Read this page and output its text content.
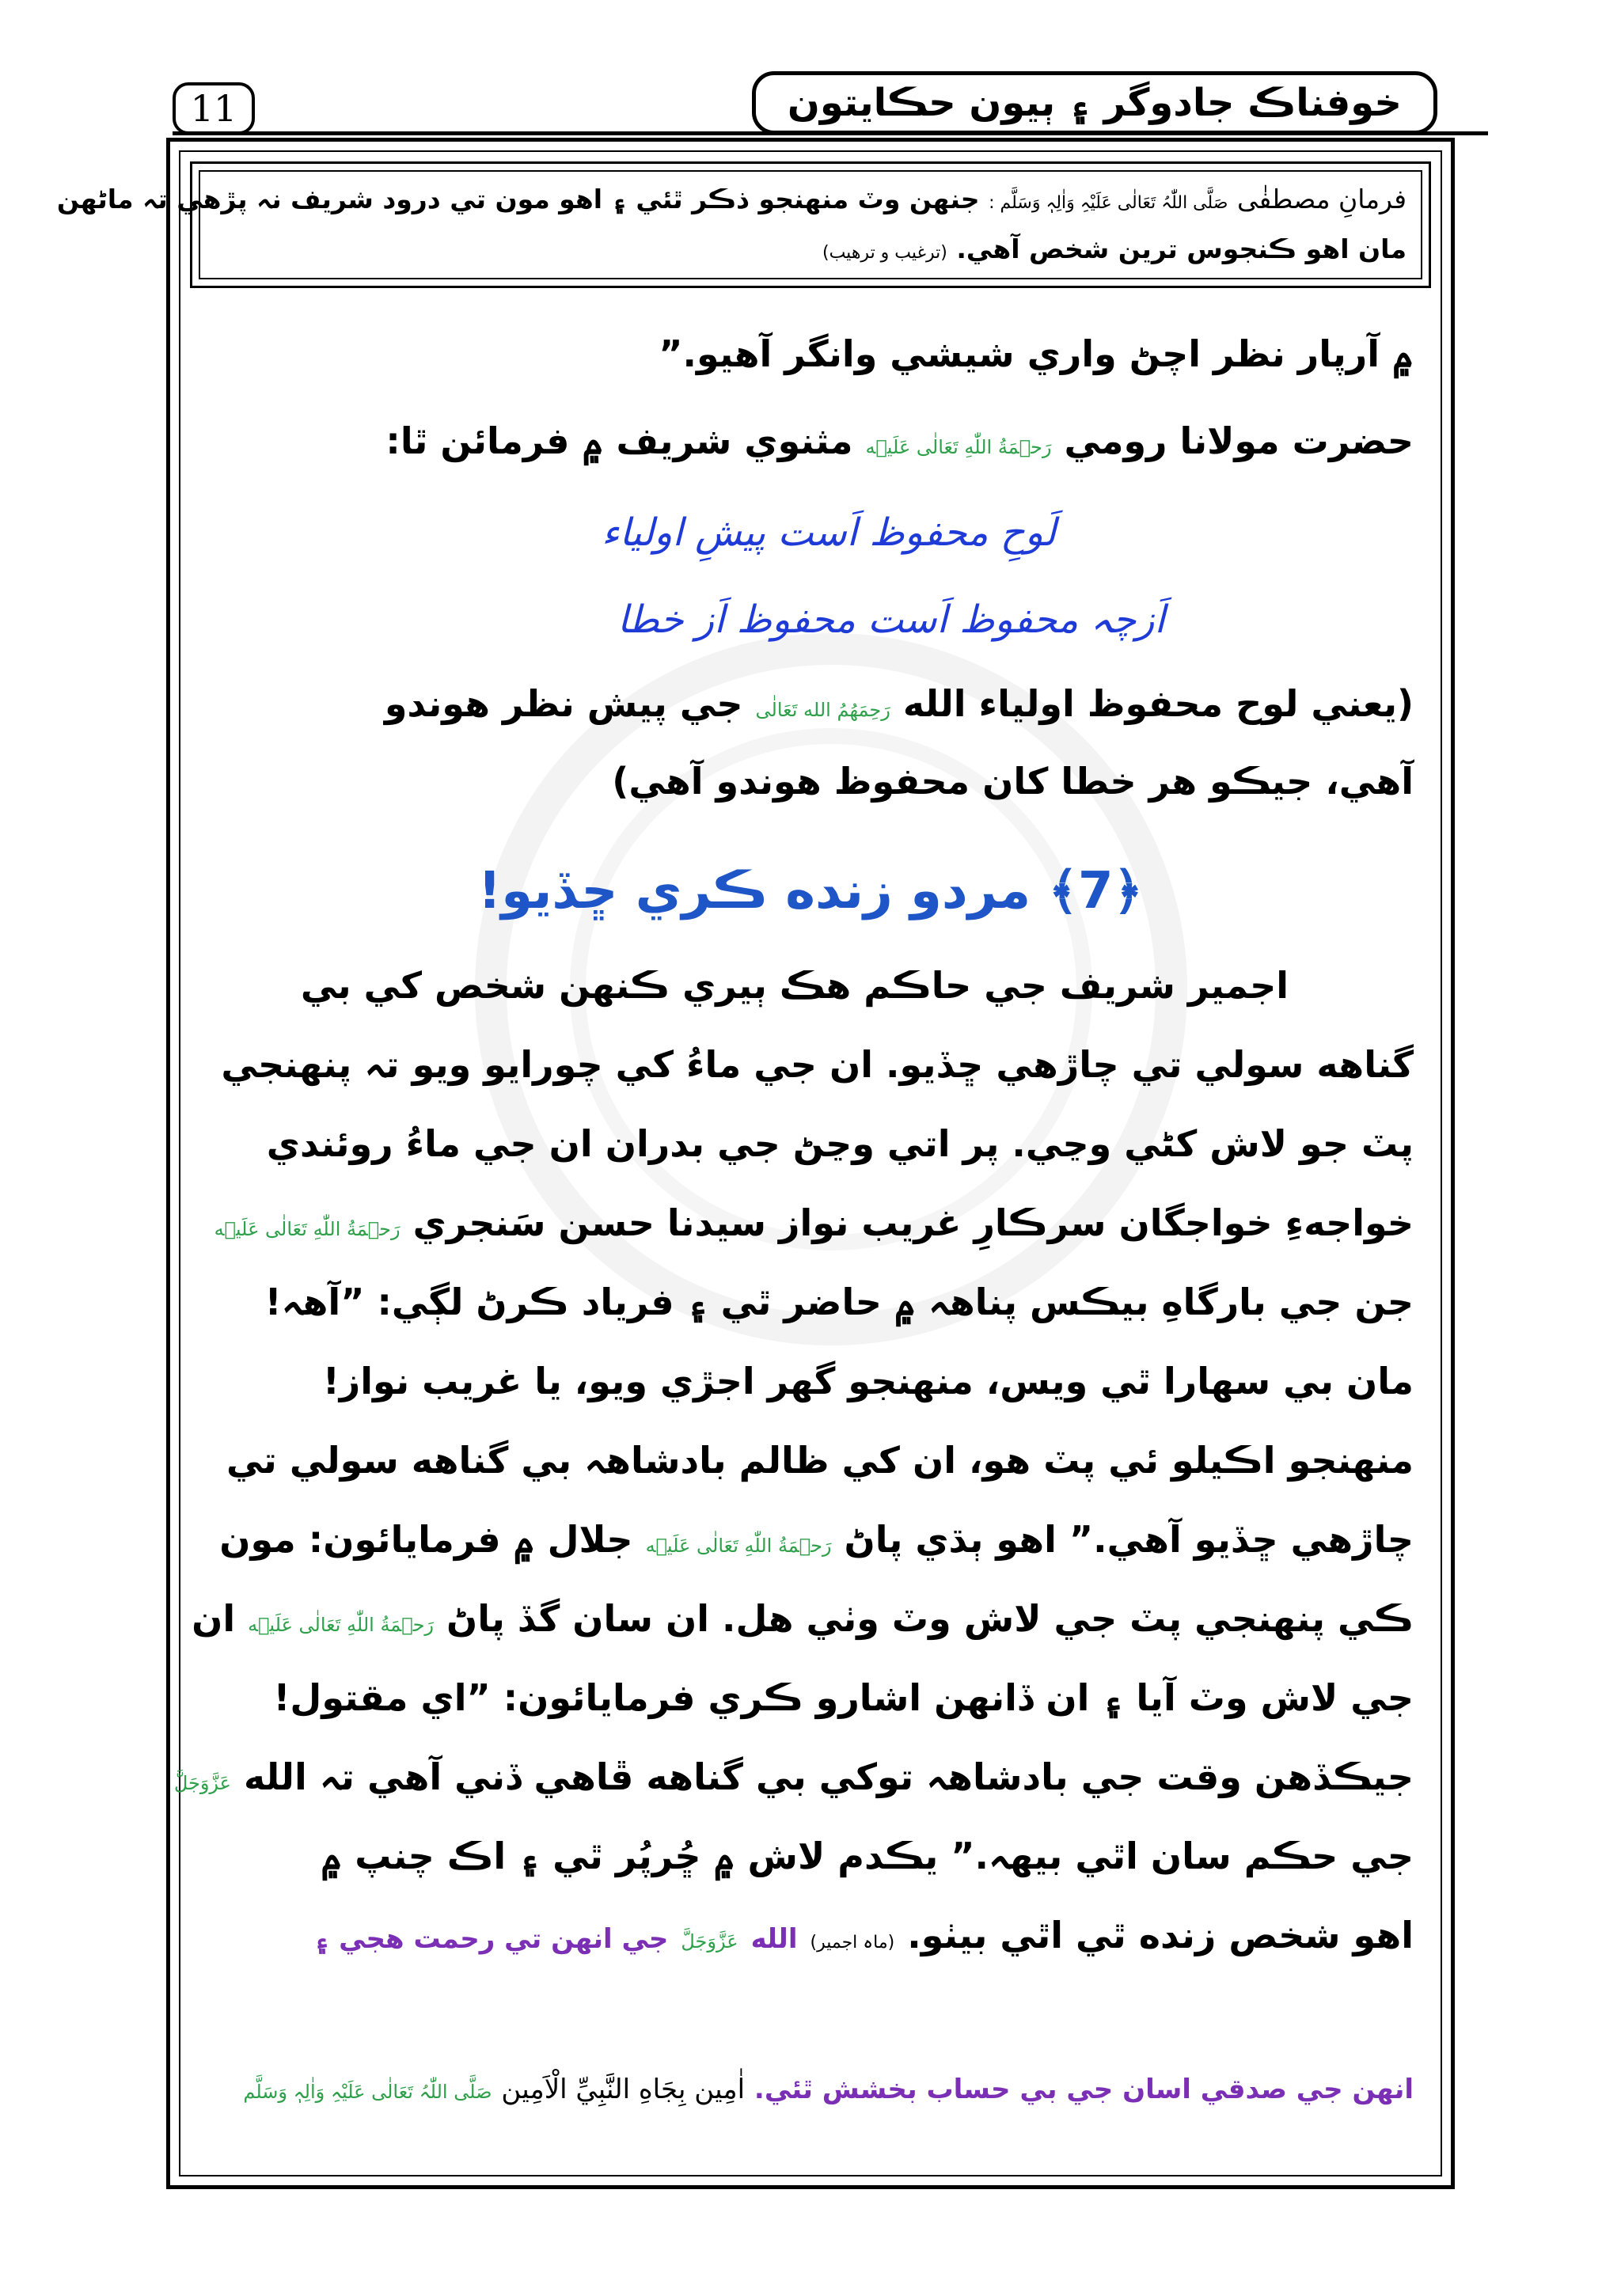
11	خوفناڪ جادوگر ۽ ٻيون حڪايتون
فرمانِ مصطفٰی صَلَّی اللّٰہُ تَعَالٰی عَلَیْہِ وَاٰلِہٖ وَسَلَّم : جنهن وٽ منهنجو ذڪر ٿئي ۽ اهو مون تي درود شريف نہ پڙهي تہ ماڻهن
مان اهو ڪنجوس ترين شخص آهي. (ترغيب و ترهيب)
۾ آرپار نظر اچڻ واري شيشي وانگر آهيو.”
حضرت مولانا رومي رَحۡمَةُ اللّٰهِ تَعَالٰی عَلَیۡه مثنوي شريف ۾ فرمائن ٿا:
لَوحِ محفوظ اَست پیشِ اولیاء
اَزچہ محفوظ اَست محفوظ اَز خطا
(يعني لوح محفوظ اولياء الله رَحِمَهُمُ الله تَعَالٰی جي پيش نظر هوندو
آهي، جيڪو هر خطا کان محفوظ هوندو آهي)
﴿7﴾ مردو زنده ڪري ڇڏيو!
اجمير شريف جي حاڪم هڪ ٻيري ڪنهن شخص کي بي
گناهه سولي تي چاڙهي ڇڏيو. ان جي ماءُ کي چورايو ويو تہ پنهنجي
پٽ جو لاش کڻي وڃي. پر اتي وڃڻ جي بدران ان جي ماءُ روئندي
خواجهءِ خواجگان سرڪارِ غريب نواز سيدنا حسن سَنجري رَحۡمَةُ اللّٰهِ تَعَالٰی عَلَیۡه
جن جي بارگاهِ بيڪس پناهہ ۾ حاضر ٿي ۽ فرياد ڪرڻ لڳي: ”آهہ!
مان بي سهارا ٿي ويس، منهنجو گهر اجڙي ويو، يا غريب نواز!
منهنجو اڪيلو ئي پٽ هو، ان کي ظالم بادشاهہ بي گناهه سولي تي
چاڙهي ڇڏيو آهي.” اهو ٻڌي پاڻ رَحۡمَةُ اللّٰهِ تَعَالٰی عَلَیۡه جلال ۾ فرمايائون: مون
ڪي پنهنجي پٽ جي لاش وٽ وٺي هل. ان سان گڏ پاڻ رَحۡمَةُ اللّٰهِ تَعَالٰی عَلَیۡه ان
جي لاش وٽ آيا ۽ ان ڏانهن اشارو ڪري فرمايائون: ”اي مقتول!
جيڪڏهن وقت جي بادشاهہ توکي بي گناهه ڦاهي ڏني آهي تہ الله عَزَّوَجَلَّ
جي حڪم سان اٿي بيهہ.” يڪدم لاش ۾ ڇُرپُر ٿي ۽ اڪ چنپ ۾
اهو شخص زنده ٿي اٿي بيٺو. (ماہ اجمير) الله عَزَّوَجَلَّ جي انهن تي رحمت هجي ۽
انهن جي صدقي اسان جي بي حساب بخشش ٿئي. اٰمِين بِجَاهِ النَّبِيِّ الْاَمِين صَلَّی اللّٰہُ تَعَالٰی عَلَیْہِ وَاٰلِہٖ وَسَلَّم
